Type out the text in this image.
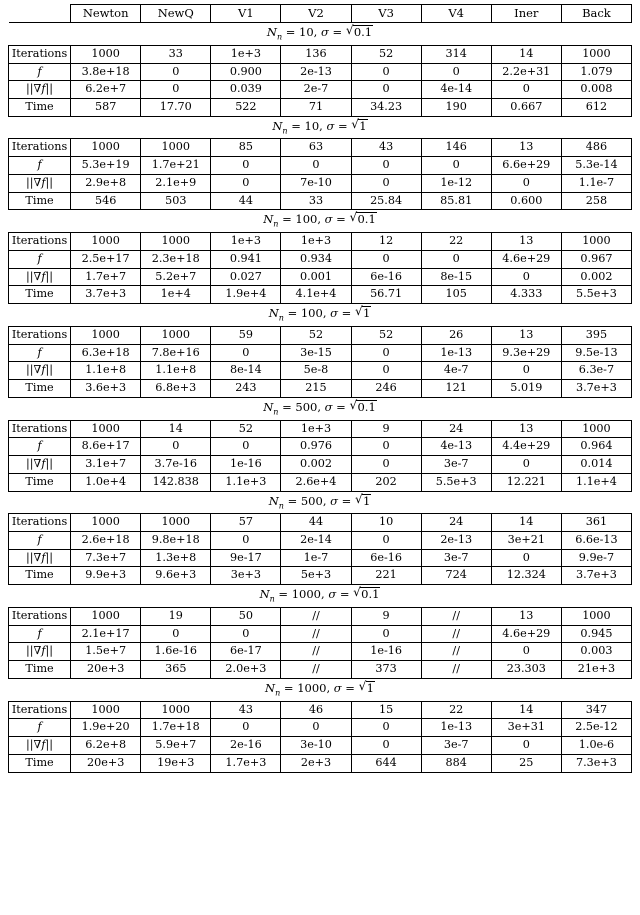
	Newton	NewQ	V1	V2	V3	V4	Iner	Back
$N_n = 10$, σ = √ 0.1
Iterations	1000	33	1e+3	136	52	314	14	1000
f	3.8e+18	0	0.900	2e-13	0	0	2.2e+31	1.079
||∇f||	6.2e+7	0	0.039	2e-7	0	4e-14	0	0.008
Time	587	17.70	522	71	34.23	190	0.667	612
$N_n = 10$, σ = √ 1
Iterations	1000	1000	85	63	43	146	13	486
f	5.3e+19	1.7e+21	0	0	0	0	6.6e+29	5.3e-14
||∇f||	2.9e+8	2.1e+9	0	7e-10	0	1e-12	0	1.1e-7
Time	546	503	44	33	25.84	85.81	0.600	258
$N_n = 100$, σ = √ 0.1
Iterations	1000	1000	1e+3	1e+3	12	22	13	1000
f	2.5e+17	2.3e+18	0.941	0.934	0	0	4.6e+29	0.967
||∇f||	1.7e+7	5.2e+7	0.027	0.001	6e-16	8e-15	0	0.002
Time	3.7e+3	1e+4	1.9e+4	4.1e+4	56.71	105	4.333	5.5e+3
$N_n = 100$, σ = √ 1
Iterations	1000	1000	59	52	52	26	13	395
f	6.3e+18	7.8e+16	0	3e-15	0	1e-13	9.3e+29	9.5e-13
||∇f||	1.1e+8	1.1e+8	8e-14	5e-8	0	4e-7	0	6.3e-7
Time	3.6e+3	6.8e+3	243	215	246	121	5.019	3.7e+3
$N_n = 500$, σ = √ 0.1
Iterations	1000	14	52	1e+3	9	24	13	1000
f	8.6e+17	0	0	0.976	0	4e-13	4.4e+29	0.964
||∇f||	3.1e+7	3.7e-16	1e-16	0.002	0	3e-7	0	0.014
Time	1.0e+4	142.838	1.1e+3	2.6e+4	202	5.5e+3	12.221	1.1e+4
$N_n = 500$, σ = √ 1
Iterations	1000	1000	57	44	10	24	14	361
f	2.6e+18	9.8e+18	0	2e-14	0	2e-13	3e+21	6.6e-13
||∇f||	7.3e+7	1.3e+8	9e-17	1e-7	6e-16	3e-7	0	9.9e-7
Time	9.9e+3	9.6e+3	3e+3	5e+3	221	724	12.324	3.7e+3
$N_n = 1000$, σ = √ 0.1
Iterations	1000	19	50	//	9	//	13	1000
f	2.1e+17	0	0	//	0	//	4.6e+29	0.945
||∇f||	1.5e+7	1.6e-16	6e-17	//	1e-16	//	0	0.003
Time	20e+3	365	2.0e+3	//	373	//	23.303	21e+3
$N_n = 1000$, σ = √ 1
Iterations	1000	1000	43	46	15	22	14	347
f	1.9e+20	1.7e+18	0	0	0	1e-13	3e+31	2.5e-12
||∇f||	6.2e+8	5.9e+7	2e-16	3e-10	0	3e-7	0	1.0e-6
Time	20e+3	19e+3	1.7e+3	2e+3	644	884	25	7.3e+3
